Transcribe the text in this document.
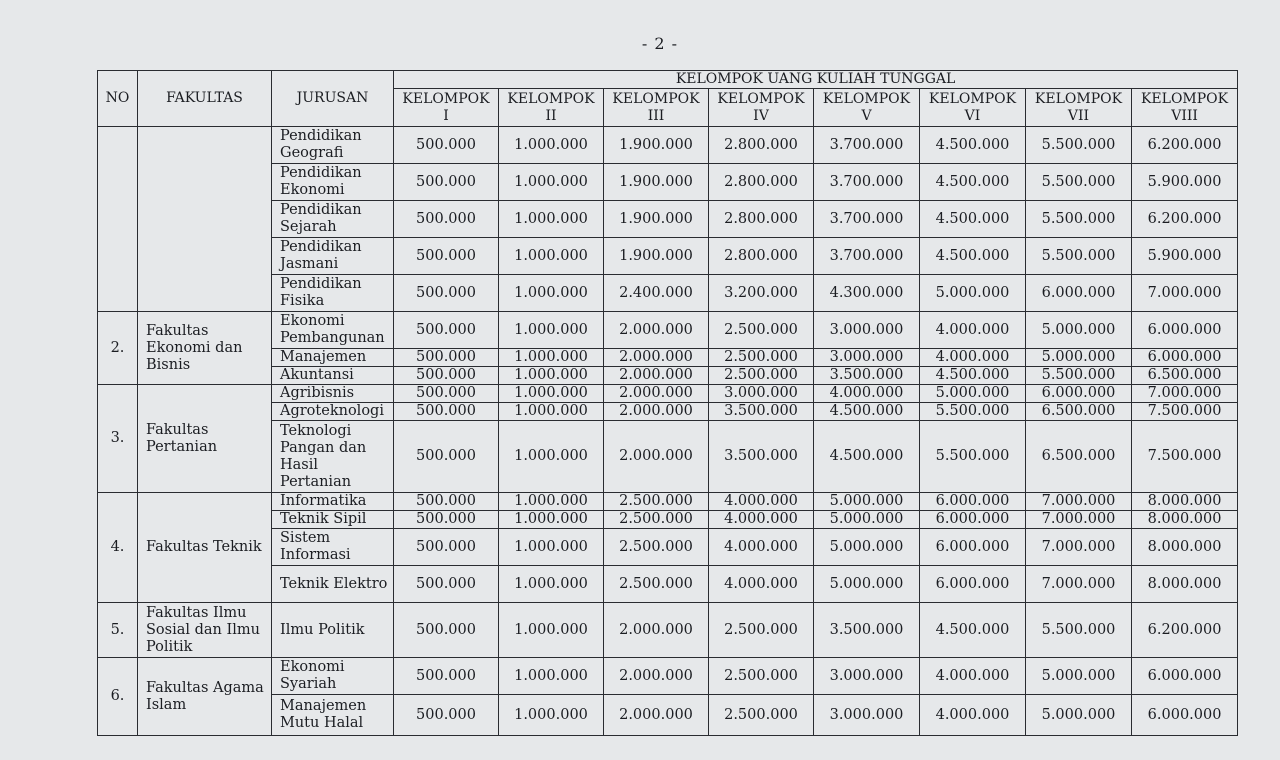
- 2 -
NO	FAKULTAS	JURUSAN	KELOMPOK UANG KULIAH TUNGGAL							
			KELOMPOK I	KELOMPOK II	KELOMPOK III	KELOMPOK IV	KELOMPOK V	KELOMPOK VI	KELOMPOK VII	KELOMPOK VIII
		Pendidikan Geografi	500.000	1.000.000	1.900.000	2.800.000	3.700.000	4.500.000	5.500.000	6.200.000
		Pendidikan Ekonomi	500.000	1.000.000	1.900.000	2.800.000	3.700.000	4.500.000	5.500.000	5.900.000
		Pendidikan Sejarah	500.000	1.000.000	1.900.000	2.800.000	3.700.000	4.500.000	5.500.000	6.200.000
		Pendidikan Jasmani	500.000	1.000.000	1.900.000	2.800.000	3.700.000	4.500.000	5.500.000	5.900.000
		Pendidikan Fisika	500.000	1.000.000	2.400.000	3.200.000	4.300.000	5.000.000	6.000.000	7.000.000
2.	Fakultas Ekonomi dan Bisnis	Ekonomi Pembangunan	500.000	1.000.000	2.000.000	2.500.000	3.000.000	4.000.000	5.000.000	6.000.000
		Manajemen	500.000	1.000.000	2.000.000	2.500.000	3.000.000	4.000.000	5.000.000	6.000.000
		Akuntansi	500.000	1.000.000	2.000.000	2.500.000	3.500.000	4.500.000	5.500.000	6.500.000
3.	Fakultas Pertanian	Agribisnis	500.000	1.000.000	2.000.000	3.000.000	4.000.000	5.000.000	6.000.000	7.000.000
		Agroteknologi	500.000	1.000.000	2.000.000	3.500.000	4.500.000	5.500.000	6.500.000	7.500.000
		Teknologi Pangan dan Hasil Pertanian	500.000	1.000.000	2.000.000	3.500.000	4.500.000	5.500.000	6.500.000	7.500.000
4.	Fakultas Teknik	Informatika	500.000	1.000.000	2.500.000	4.000.000	5.000.000	6.000.000	7.000.000	8.000.000
		Teknik Sipil	500.000	1.000.000	2.500.000	4.000.000	5.000.000	6.000.000	7.000.000	8.000.000
		Sistem Informasi	500.000	1.000.000	2.500.000	4.000.000	5.000.000	6.000.000	7.000.000	8.000.000
		Teknik Elektro	500.000	1.000.000	2.500.000	4.000.000	5.000.000	6.000.000	7.000.000	8.000.000
5.	Fakultas Ilmu Sosial dan Ilmu Politik	Ilmu Politik	500.000	1.000.000	2.000.000	2.500.000	3.500.000	4.500.000	5.500.000	6.200.000
6.	Fakultas Agama Islam	Ekonomi Syariah	500.000	1.000.000	2.000.000	2.500.000	3.000.000	4.000.000	5.000.000	6.000.000
		Manajemen Mutu Halal	500.000	1.000.000	2.000.000	2.500.000	3.000.000	4.000.000	5.000.000	6.000.000
